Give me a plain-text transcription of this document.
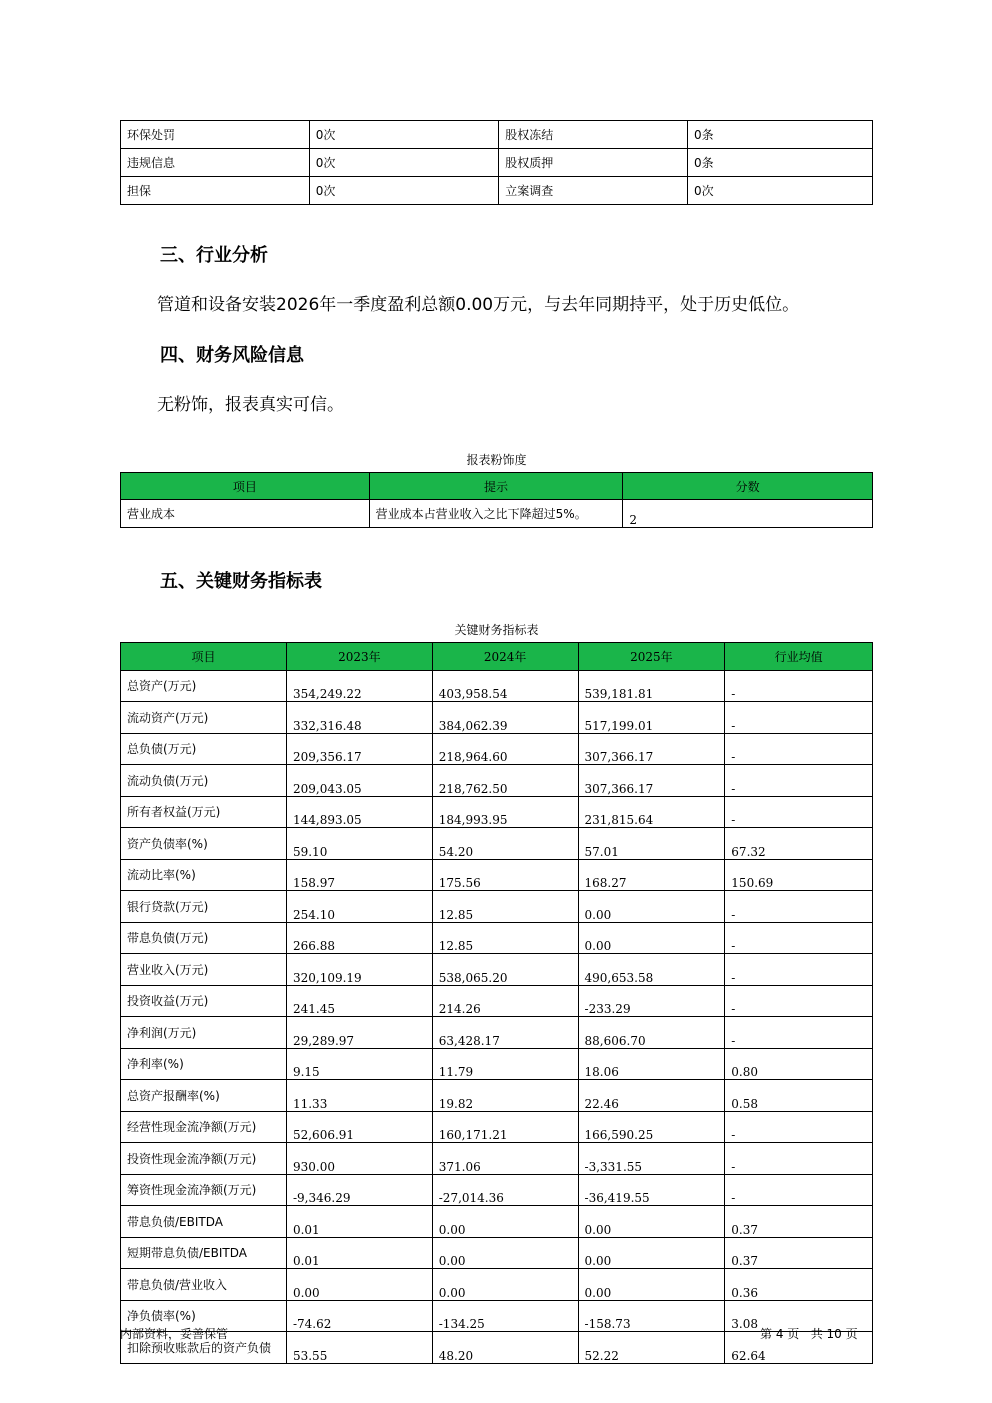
环保处罚	0次	股权冻结	0条
违规信息	0次	股权质押	0条
担保	0次	立案调查	0次
三、行业分析
管道和设备安装2026年一季度盈利总额0.00万元，与去年同期持平，处于历史低位。
四、财务风险信息
无粉饰，报表真实可信。
报表粉饰度
项目	提示	分数
营业成本	营业成本占营业收入之比下降超过5%。	2
五、关键财务指标表
关键财务指标表
项目	2023年	2024年	2025年	行业均值
总资产(万元)	354,249.22	403,958.54	539,181.81	-
流动资产(万元)	332,316.48	384,062.39	517,199.01	-
总负债(万元)	209,356.17	218,964.60	307,366.17	-
流动负债(万元)	209,043.05	218,762.50	307,366.17	-
所有者权益(万元)	144,893.05	184,993.95	231,815.64	-
资产负债率(%)	59.10	54.20	57.01	67.32
流动比率(%)	158.97	175.56	168.27	150.69
银行贷款(万元)	254.10	12.85	0.00	-
带息负债(万元)	266.88	12.85	0.00	-
营业收入(万元)	320,109.19	538,065.20	490,653.58	-
投资收益(万元)	241.45	214.26	-233.29	-
净利润(万元)	29,289.97	63,428.17	88,606.70	-
净利率(%)	9.15	11.79	18.06	0.80
总资产报酬率(%)	11.33	19.82	22.46	0.58
经营性现金流净额(万元)	52,606.91	160,171.21	166,590.25	-
投资性现金流净额(万元)	930.00	371.06	-3,331.55	-
筹资性现金流净额(万元)	-9,346.29	-27,014.36	-36,419.55	-
带息负债/EBITDA	0.01	0.00	0.00	0.37
短期带息负债/EBITDA	0.01	0.00	0.00	0.37
带息负债/营业收入	0.00	0.00	0.00	0.36
净负债率(%)	-74.62	-134.25	-158.73	3.08
扣除预收账款后的资产负债	53.55	48.20	52.22	62.64
内部资料，妥善保管	第 4 页   共 10 页
